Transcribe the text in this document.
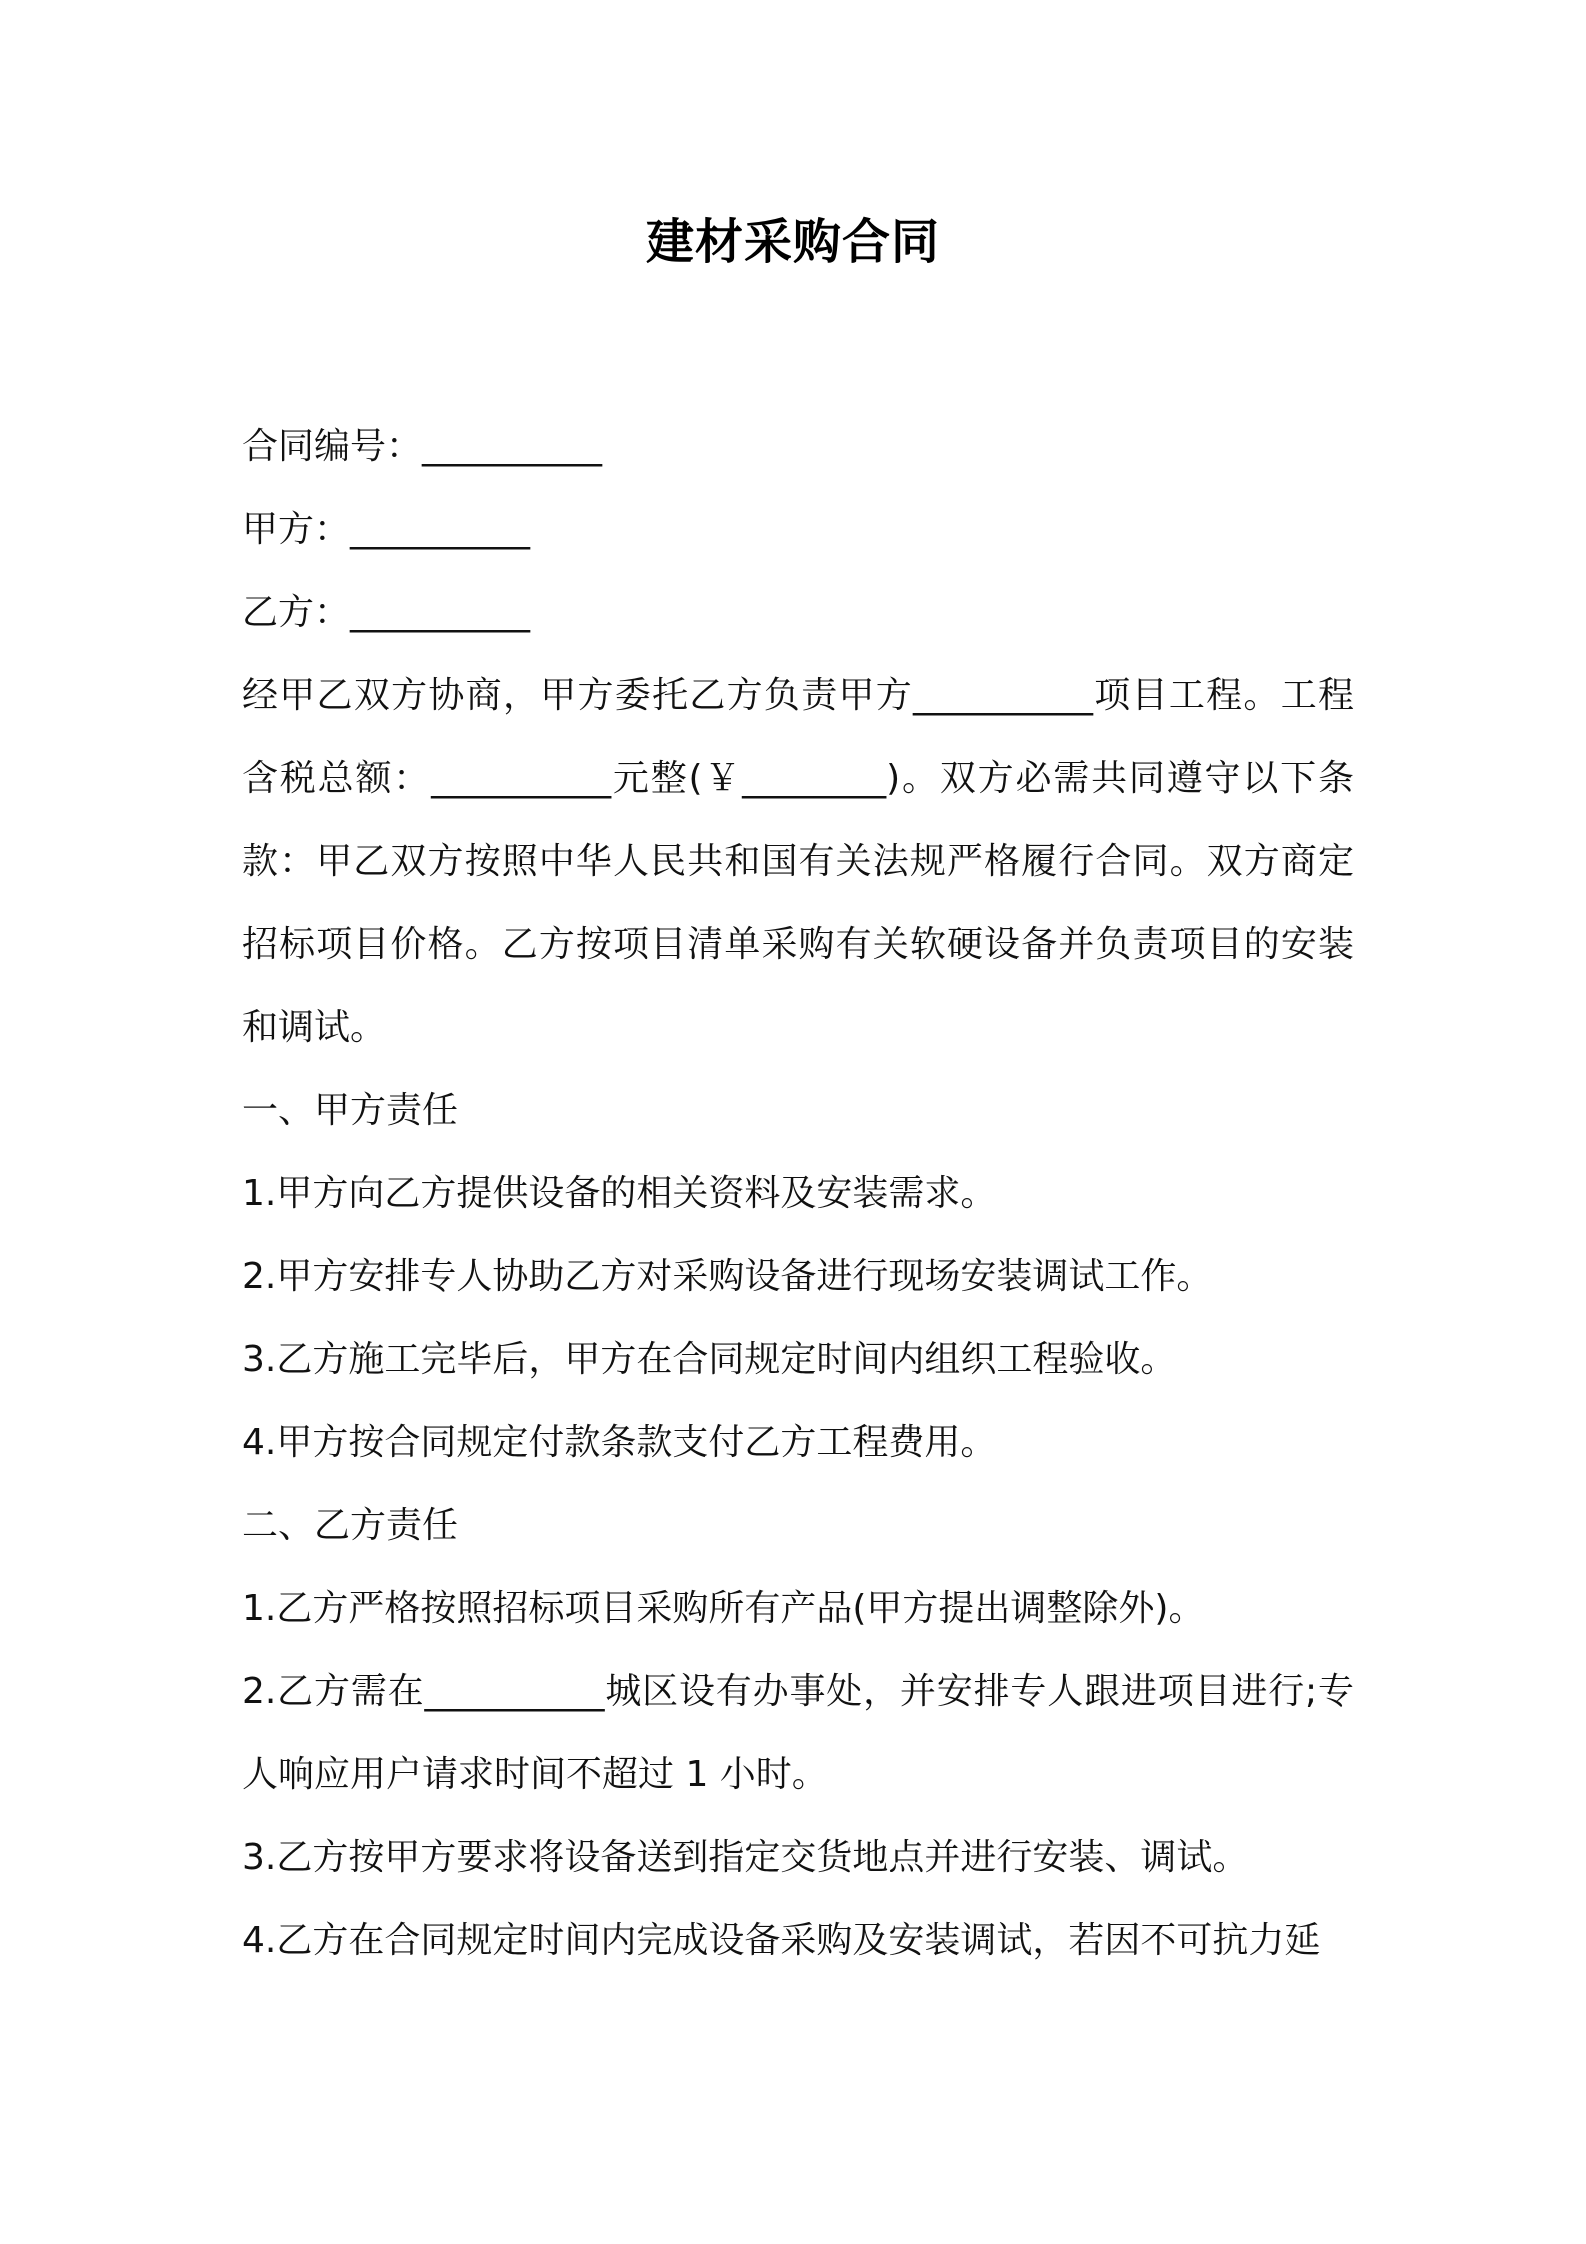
建材采购合同
合同编号：__________
甲方：__________
乙方：__________
经甲乙双方协商，甲方委托乙方负责甲方__________项目工程。工程含税总额：__________元整(￥________)。双方必需共同遵守以下条款：甲乙双方按照中华人民共和国有关法规严格履行合同。双方商定招标项目价格。乙方按项目清单采购有关软硬设备并负责项目的安装和调试。
一、甲方责任
1.甲方向乙方提供设备的相关资料及安装需求。
2.甲方安排专人协助乙方对采购设备进行现场安装调试工作。
3.乙方施工完毕后，甲方在合同规定时间内组织工程验收。
4.甲方按合同规定付款条款支付乙方工程费用。
二、乙方责任
1.乙方严格按照招标项目采购所有产品(甲方提出调整除外)。
2.乙方需在__________城区设有办事处，并安排专人跟进项目进行;专人响应用户请求时间不超过 1 小时。
3.乙方按甲方要求将设备送到指定交货地点并进行安装、调试。
4.乙方在合同规定时间内完成设备采购及安装调试，若因不可抗力延
